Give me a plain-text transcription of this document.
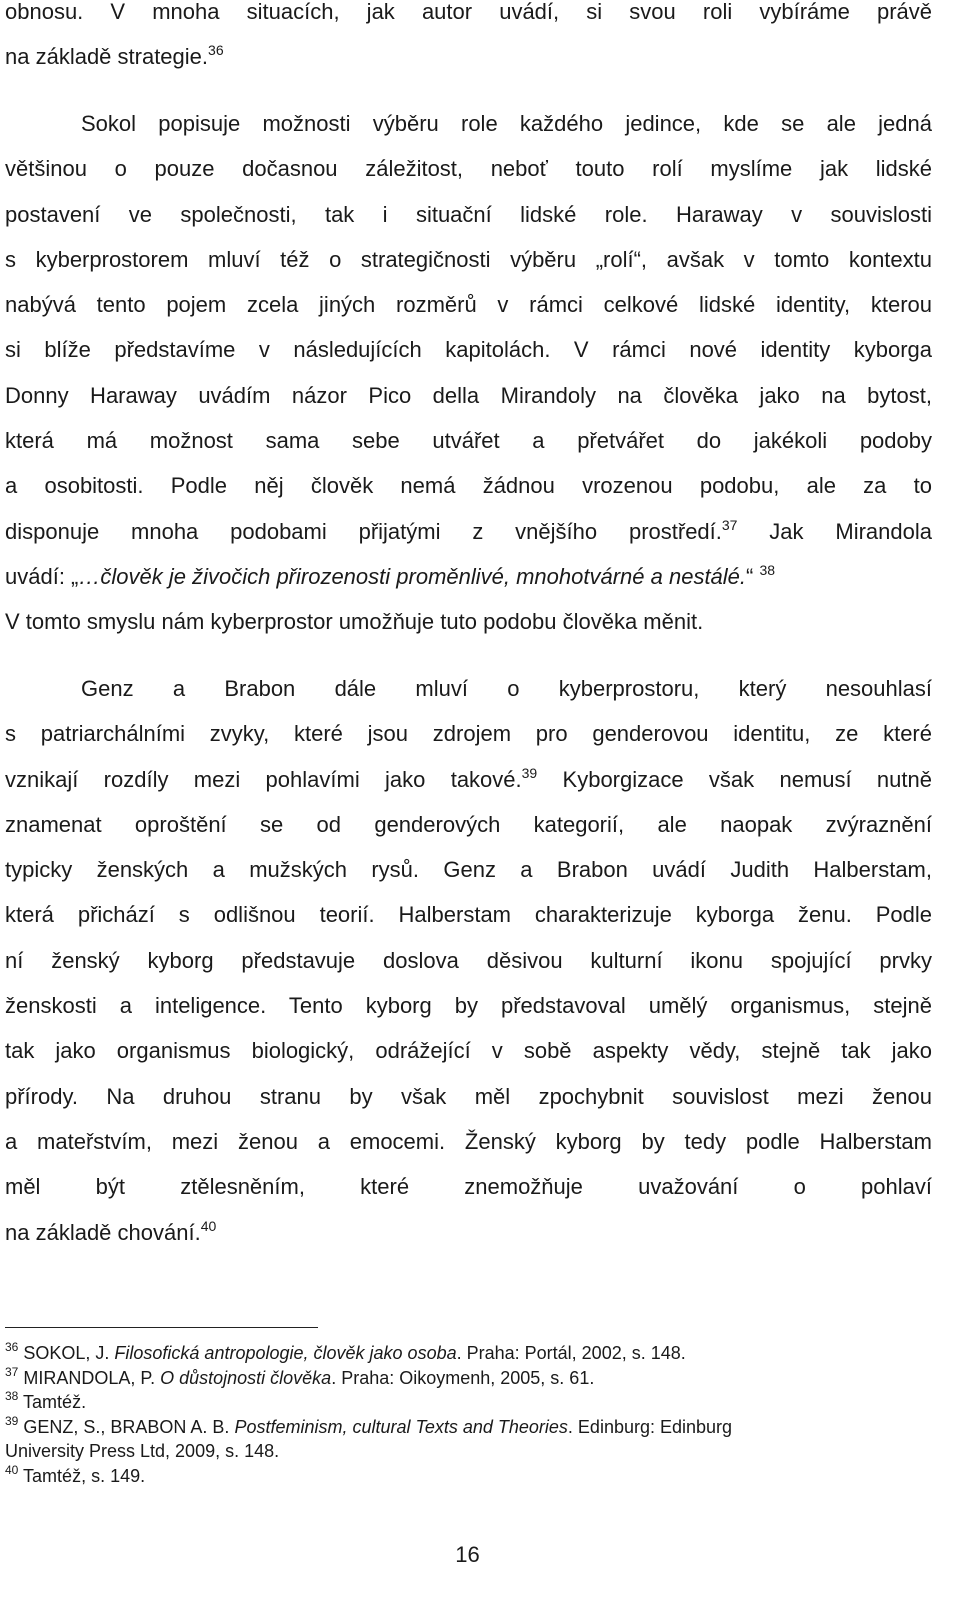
obnosu. V mnoha situacích, jak autor uvádí, si svou roli vybíráme právě
na základě strategie.$^{36}$
Sokol popisuje možnosti výběru role každého jedince, kde se ale jedná
většinou o pouze dočasnou záležitost, neboť touto rolí myslíme jak lidské
postavení ve společnosti, tak i situační lidské role. Haraway v souvislosti
s kyberprostorem mluví též o strategičnosti výběru „rolí“, avšak v tomto kontextu
nabývá tento pojem zcela jiných rozměrů v rámci celkové lidské identity, kterou
si blíže představíme v následujících kapitolách. V rámci nové identity kyborga
Donny Haraway uvádím názor Pico della Mirandoly na člověka jako na bytost,
která má možnost sama sebe utvářet a přetvářet do jakékoli podoby
a osobitosti. Podle něj člověk nemá žádnou vrozenou podobu, ale za to
disponuje mnoha podobami přijatými z vnějšího prostředí.$^{37}$ Jak Mirandola
uvádí: „…člověk je živočich přirozenosti proměnlivé, mnohotvárné a nestálé.“ $^{38}$
V tomto smyslu nám kyberprostor umožňuje tuto podobu člověka měnit.
Genz a Brabon dále mluví o kyberprostoru, který nesouhlasí
s patriarchálními zvyky, které jsou zdrojem pro genderovou identitu, ze které
vznikají rozdíly mezi pohlavími jako takové.$^{39}$ Kyborgizace však nemusí nutně
znamenat oproštění se od genderových kategorií, ale naopak zvýraznění
typicky ženských a mužských rysů. Genz a Brabon uvádí Judith Halberstam,
která přichází s odlišnou teorií. Halberstam charakterizuje kyborga ženu. Podle
ní ženský kyborg představuje doslova děsivou kulturní ikonu spojující prvky
ženskosti a inteligence. Tento kyborg by představoval umělý organismus, stejně
tak jako organismus biologický, odrážející v sobě aspekty vědy, stejně tak jako
přírody. Na druhou stranu by však měl zpochybnit souvislost mezi ženou
a mateřstvím, mezi ženou a emocemi. Ženský kyborg by tedy podle Halberstam
měl být ztělesněním, které znemožňuje uvažování o pohlaví
na základě chování.$^{40}$
$^{36}$ SOKOL, J. Filosofická antropologie, člověk jako osoba. Praha: Portál, 2002, s. 148.
$^{37}$ MIRANDOLA, P. O důstojnosti člověka. Praha: Oikoymenh, 2005, s. 61.
$^{38}$ Tamtéž.
$^{39}$ GENZ, S., BRABON A. B. Postfeminism, cultural Texts and Theories. Edinburg: Edinburg
University Press Ltd, 2009, s. 148.
$^{40}$ Tamtéž, s. 149.
16
